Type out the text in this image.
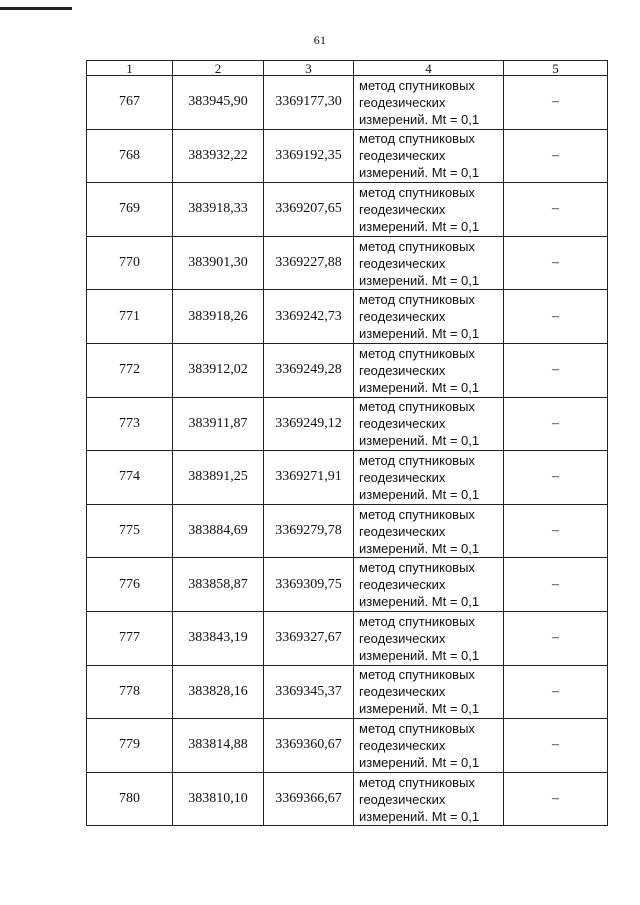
61
1	2	3	4	5
767	383945,90	3369177,30	метод спутниковых
геодезических
измерений. Mt = 0,1	–
768	383932,22	3369192,35	метод спутниковых
геодезических
измерений. Mt = 0,1	–
769	383918,33	3369207,65	метод спутниковых
геодезических
измерений. Mt = 0,1	–
770	383901,30	3369227,88	метод спутниковых
геодезических
измерений. Mt = 0,1	–
771	383918,26	3369242,73	метод спутниковых
геодезических
измерений. Mt = 0,1	–
772	383912,02	3369249,28	метод спутниковых
геодезических
измерений. Mt = 0,1	–
773	383911,87	3369249,12	метод спутниковых
геодезических
измерений. Mt = 0,1	–
774	383891,25	3369271,91	метод спутниковых
геодезических
измерений. Mt = 0,1	–
775	383884,69	3369279,78	метод спутниковых
геодезических
измерений. Mt = 0,1	–
776	383858,87	3369309,75	метод спутниковых
геодезических
измерений. Mt = 0,1	–
777	383843,19	3369327,67	метод спутниковых
геодезических
измерений. Mt = 0,1	–
778	383828,16	3369345,37	метод спутниковых
геодезических
измерений. Mt = 0,1	–
779	383814,88	3369360,67	метод спутниковых
геодезических
измерений. Mt = 0,1	–
780	383810,10	3369366,67	метод спутниковых
геодезических
измерений. Mt = 0,1	–
